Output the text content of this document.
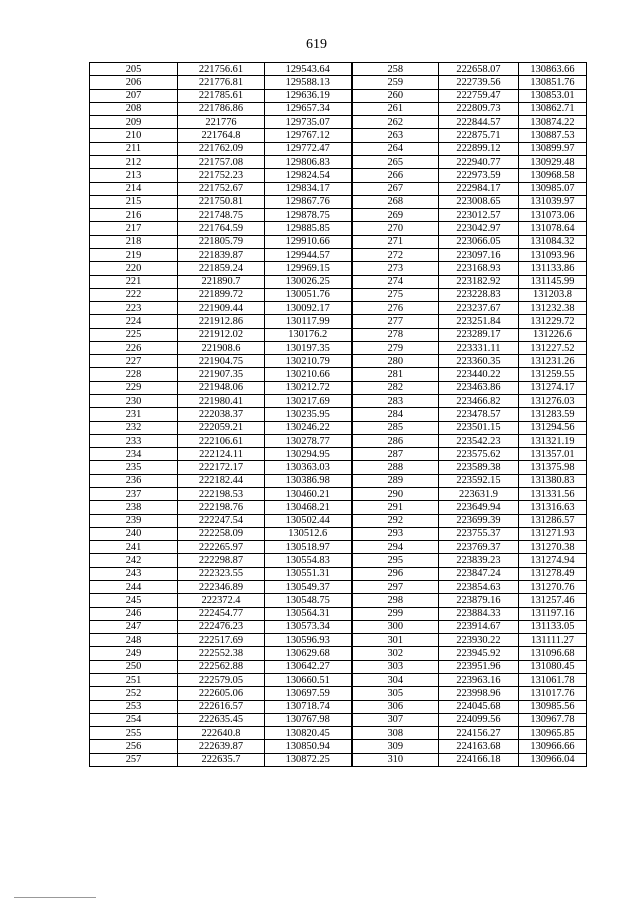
619
205	221756.61	129543.64	258	222658.07	130863.66
206	221776.81	129588.13	259	222739.56	130851.76
207	221785.61	129636.19	260	222759.47	130853.01
208	221786.86	129657.34	261	222809.73	130862.71
209	221776	129735.07	262	222844.57	130874.22
210	221764.8	129767.12	263	222875.71	130887.53
211	221762.09	129772.47	264	222899.12	130899.97
212	221757.08	129806.83	265	222940.77	130929.48
213	221752.23	129824.54	266	222973.59	130968.58
214	221752.67	129834.17	267	222984.17	130985.07
215	221750.81	129867.76	268	223008.65	131039.97
216	221748.75	129878.75	269	223012.57	131073.06
217	221764.59	129885.85	270	223042.97	131078.64
218	221805.79	129910.66	271	223066.05	131084.32
219	221839.87	129944.57	272	223097.16	131093.96
220	221859.24	129969.15	273	223168.93	131133.86
221	221890.7	130026.25	274	223182.92	131145.99
222	221899.72	130051.76	275	223228.83	131203.8
223	221909.44	130092.17	276	223237.67	131232.38
224	221912.86	130117.99	277	223251.84	131229.72
225	221912.02	130176.2	278	223289.17	131226.6
226	221908.6	130197.35	279	223331.11	131227.52
227	221904.75	130210.79	280	223360.35	131231.26
228	221907.35	130210.66	281	223440.22	131259.55
229	221948.06	130212.72	282	223463.86	131274.17
230	221980.41	130217.69	283	223466.82	131276.03
231	222038.37	130235.95	284	223478.57	131283.59
232	222059.21	130246.22	285	223501.15	131294.56
233	222106.61	130278.77	286	223542.23	131321.19
234	222124.11	130294.95	287	223575.62	131357.01
235	222172.17	130363.03	288	223589.38	131375.98
236	222182.44	130386.98	289	223592.15	131380.83
237	222198.53	130460.21	290	223631.9	131331.56
238	222198.76	130468.21	291	223649.94	131316.63
239	222247.54	130502.44	292	223699.39	131286.57
240	222258.09	130512.6	293	223755.37	131271.93
241	222265.97	130518.97	294	223769.37	131270.38
242	222298.87	130554.83	295	223839.23	131274.94
243	222323.55	130551.31	296	223847.24	131278.49
244	222346.89	130549.37	297	223854.63	131270.76
245	222372.4	130548.75	298	223879.16	131257.46
246	222454.77	130564.31	299	223884.33	131197.16
247	222476.23	130573.34	300	223914.67	131133.05
248	222517.69	130596.93	301	223930.22	131111.27
249	222552.38	130629.68	302	223945.92	131096.68
250	222562.88	130642.27	303	223951.96	131080.45
251	222579.05	130660.51	304	223963.16	131061.78
252	222605.06	130697.59	305	223998.96	131017.76
253	222616.57	130718.74	306	224045.68	130985.56
254	222635.45	130767.98	307	224099.56	130967.78
255	222640.8	130820.45	308	224156.27	130965.85
256	222639.87	130850.94	309	224163.68	130966.66
257	222635.7	130872.25	310	224166.18	130966.04
